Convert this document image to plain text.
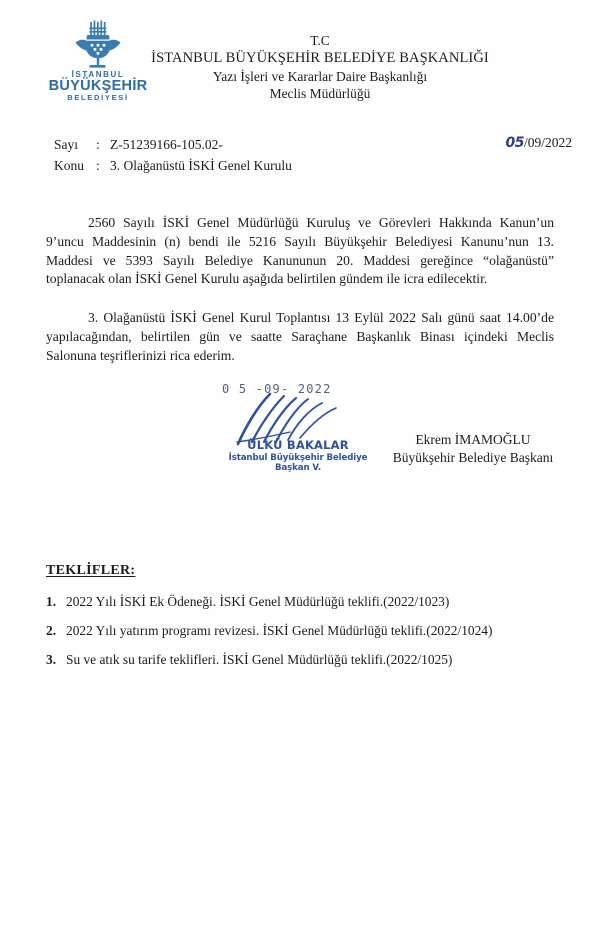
İSTANBUL
BÜYÜKŞEHİR
BELEDİYESİ
T.C
İSTANBUL BÜYÜKŞEHİR BELEDİYE BAŞKANLIĞI
Yazı İşleri ve Kararlar Daire Başkanlığı
Meclis Müdürlüğü
Sayı	: Z-51239166-105.02-
Konu : 3. Olağanüstü İSKİ Genel Kurulu
05/09/2022

2560 Sayılı İSKİ Genel Müdürlüğü Kuruluş ve Görevleri Hakkında Kanun’un 9’uncu Maddesinin (n) bendi ile 5216 Sayılı Büyükşehir Belediyesi Kanunu’nun 13. Maddesi ve 5393 Sayılı Belediye Kanununun 20. Maddesi gereğince “olağanüstü” toplanacak olan İSKİ Genel Kurulu aşağıda belirtilen gündem ile icra edilecektir.

3. Olağanüstü İSKİ Genel Kurul Toplantısı 13 Eylül 2022 Salı günü saat 14.00’de yapılacağından, belirtilen gün ve saatte Saraçhane Başkanlık Binası içindeki Meclis Salonuna teşriflerinizi rica ederim.

0 5 -09- 2022
ÜLKÜ BAKALAR
İstanbul Büyükşehir Belediye Başkan V.
Ekrem İMAMOĞLU
Büyükşehir Belediye Başkanı
TEKLİFLER:
1. 2022 Yılı İSKİ Ek Ödeneği. İSKİ Genel Müdürlüğü teklifi.(2022/1023)
2. 2022 Yılı yatırım programı revizesi. İSKİ Genel Müdürlüğü teklifi.(2022/1024)
3. Su ve atık su tarife teklifleri. İSKİ Genel Müdürlüğü teklifi.(2022/1025)
